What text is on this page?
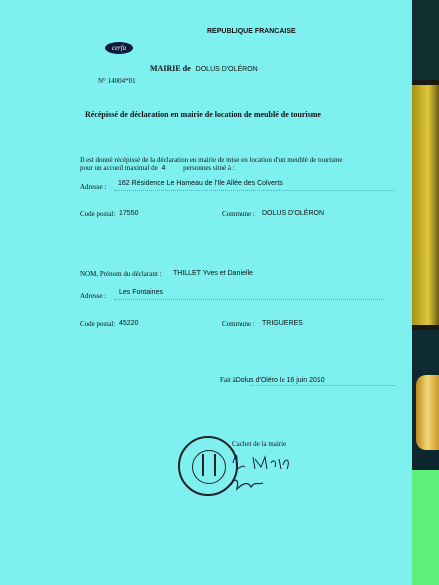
REPUBLIQUE FRANCAISE
cerfa
MAIRIE de DOLUS D'OLÉRON
N° 14004*01
Récépissé de déclaration en mairie de location de meublé de tourisme
Il est donné récépissé de la déclaration en mairie de mise en location d'un meublé de tourisme
pour un accueil maximal de 4	personnes situé à :
Adresse : 162 Résidence Le Hameau de l'Ile Allée des Colverts
Code postal: 17550	Commune : DOLUS D'OLÉRON
NOM, Prénom du déclarant : THILLET Yves et Danielle
Adresse : Les Fontaines
Code postal: 45220	Commune : TRIGUERES
Fait àDolus d'Oléro le 16 juin 2010
Cachet de la mairie
